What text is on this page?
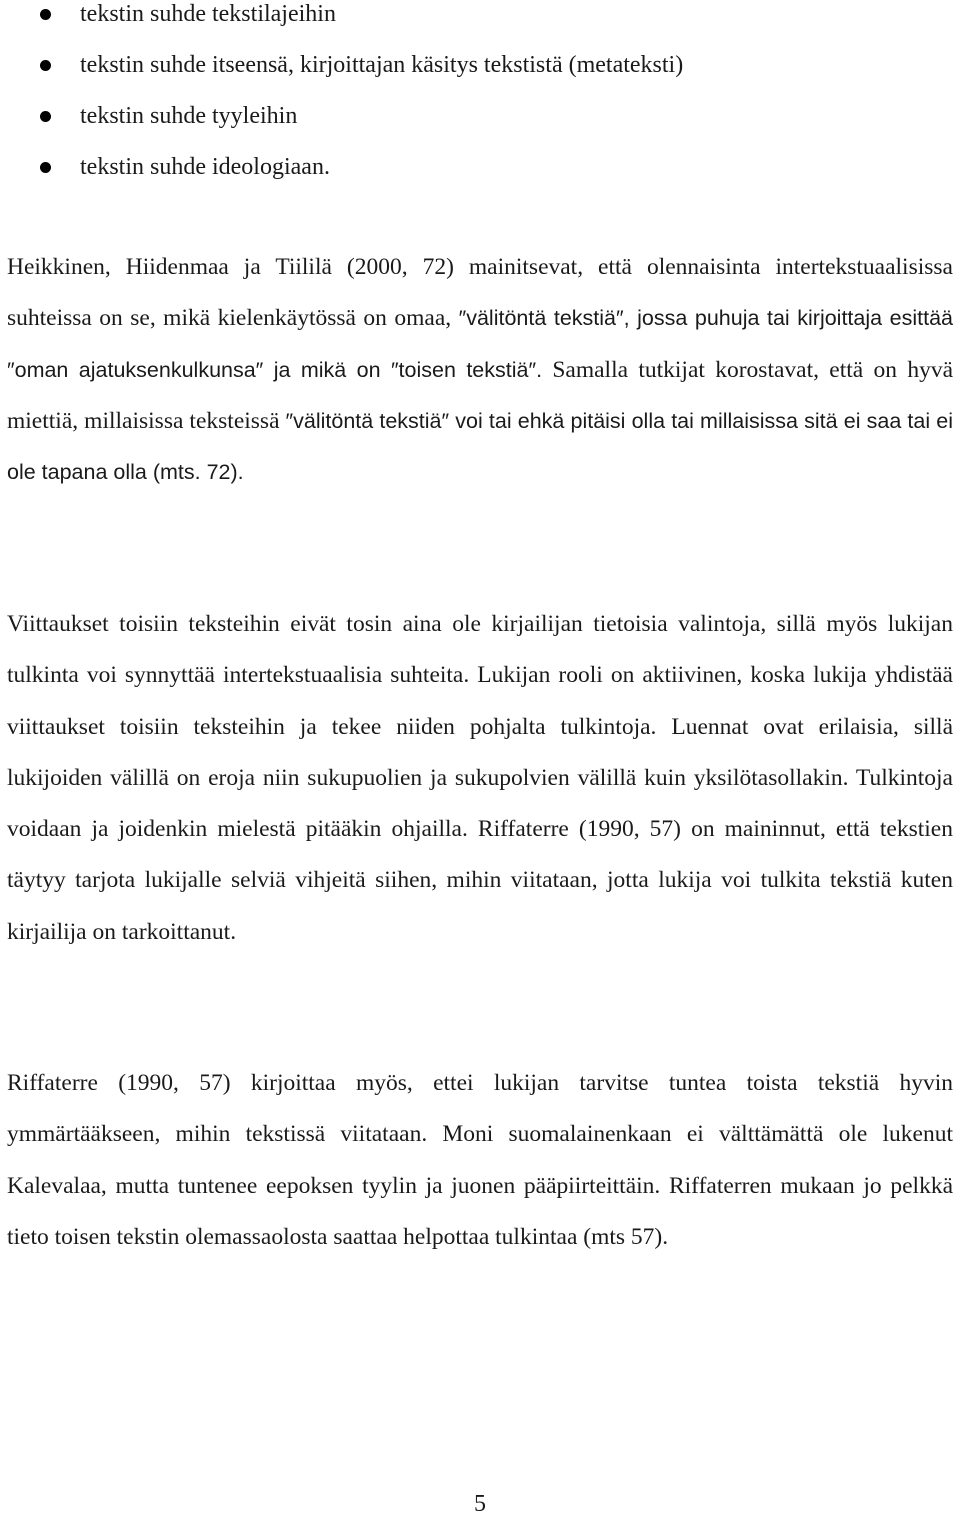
tekstin suhde tekstilajeihin
tekstin suhde itseensä, kirjoittajan käsitys tekstistä (metateksti)
tekstin suhde tyyleihin
tekstin suhde ideologiaan.

Heikkinen, Hiidenmaa ja Tiililä (2000, 72) mainitsevat, että olennaisinta intertekstuaalisissa suhteissa on se, mikä kielenkäytössä on omaa, ″välitöntä tekstiä″, jossa puhuja tai kirjoittaja esittää ″oman ajatuksenkulkunsa″ ja mikä on ″toisen tekstiä″. Samalla tutkijat korostavat, että on hyvä miettiä, millaisissa teksteissä ″välitöntä tekstiä″ voi tai ehkä pitäisi olla tai millaisissa sitä ei saa tai ei ole tapana olla (mts. 72).

Viittaukset toisiin teksteihin eivät tosin aina ole kirjailijan tietoisia valintoja, sillä myös lukijan tulkinta voi synnyttää intertekstuaalisia suhteita. Lukijan rooli on aktiivinen, koska lukija yhdistää viittaukset toisiin teksteihin ja tekee niiden pohjalta tulkintoja. Luennat ovat erilaisia, sillä lukijoiden välillä on eroja niin sukupuolien ja sukupolvien välillä kuin yksilötasollakin. Tulkintoja voidaan ja joidenkin mielestä pitääkin ohjailla. Riffaterre (1990, 57) on maininnut, että tekstien täytyy tarjota lukijalle selviä vihjeitä siihen, mihin viitataan, jotta lukija voi tulkita tekstiä kuten kirjailija on tarkoittanut.

Riffaterre (1990, 57) kirjoittaa myös, ettei lukijan tarvitse tuntea toista tekstiä hyvin ymmärtääkseen, mihin tekstissä viitataan. Moni suomalainenkaan ei välttämättä ole lukenut Kalevalaa, mutta tuntenee eepoksen tyylin ja juonen pääpiirteittäin. Riffaterren mukaan jo pelkkä tieto toisen tekstin olemassaolosta saattaa helpottaa tulkintaa (mts 57).

5
